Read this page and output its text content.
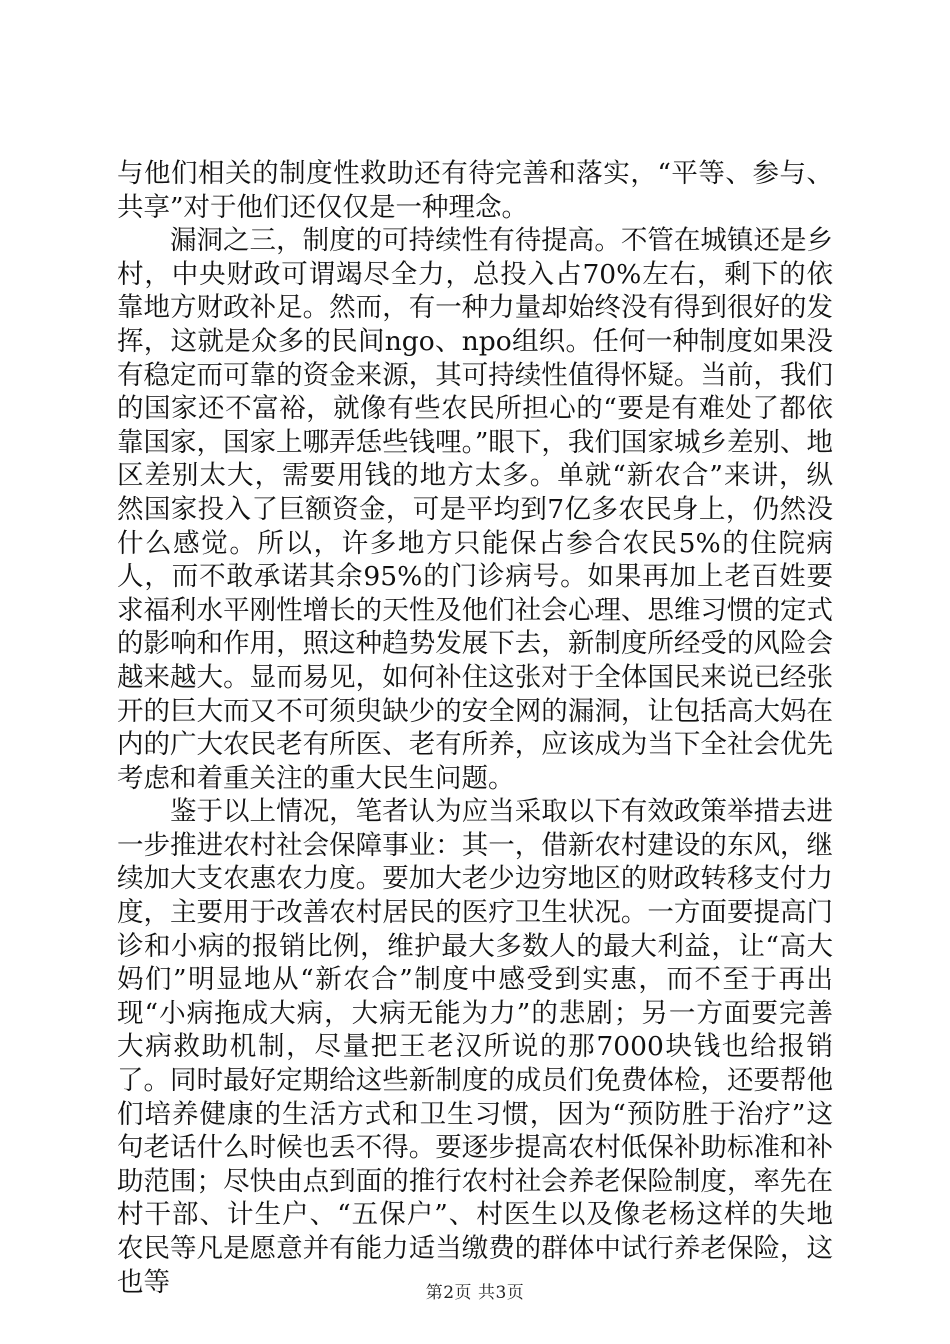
与他们相关的制度性救助还有待完善和落实，“平等、参与、共享”对于他们还仅仅是一种理念。

漏洞之三，制度的可持续性有待提高。不管在城镇还是乡村，中央财政可谓竭尽全力，总投入占70%左右，剩下的依靠地方财政补足。然而，有一种力量却始终没有得到很好的发挥，这就是众多的民间ngo、npo组织。任何一种制度如果没有稳定而可靠的资金来源，其可持续性值得怀疑。当前，我们的国家还不富裕，就像有些农民所担心的“要是有难处了都依靠国家，国家上哪弄恁些钱哩。”眼下，我们国家城乡差别、地区差别太大，需要用钱的地方太多。单就“新农合”来讲，纵然国家投入了巨额资金，可是平均到7亿多农民身上，仍然没什么感觉。所以，许多地方只能保占参合农民5%的住院病人，而不敢承诺其余95%的门诊病号。如果再加上老百姓要求福利水平刚性增长的天性及他们社会心理、思维习惯的定式的影响和作用，照这种趋势发展下去，新制度所经受的风险会越来越大。显而易见，如何补住这张对于全体国民来说已经张开的巨大而又不可须臾缺少的安全网的漏洞，让包括高大妈在内的广大农民老有所医、老有所养，应该成为当下全社会优先考虑和着重关注的重大民生问题。

鉴于以上情况，笔者认为应当采取以下有效政策举措去进一步推进农村社会保障事业：其一，借新农村建设的东风，继续加大支农惠农力度。要加大老少边穷地区的财政转移支付力度，主要用于改善农村居民的医疗卫生状况。一方面要提高门诊和小病的报销比例，维护最大多数人的最大利益，让“高大妈们”明显地从“新农合”制度中感受到实惠，而不至于再出现“小病拖成大病，大病无能为力”的悲剧；另一方面要完善大病救助机制，尽量把王老汉所说的那7000块钱也给报销了。同时最好定期给这些新制度的成员们免费体检，还要帮他们培养健康的生活方式和卫生习惯，因为“预防胜于治疗”这句老话什么时候也丢不得。要逐步提高农村低保补助标准和补助范围；尽快由点到面的推行农村社会养老保险制度，率先在村干部、计生户、“五保户”、村医生以及像老杨这样的失地农民等凡是愿意并有能力适当缴费的群体中试行养老保险，这也等	第2页 共3页
